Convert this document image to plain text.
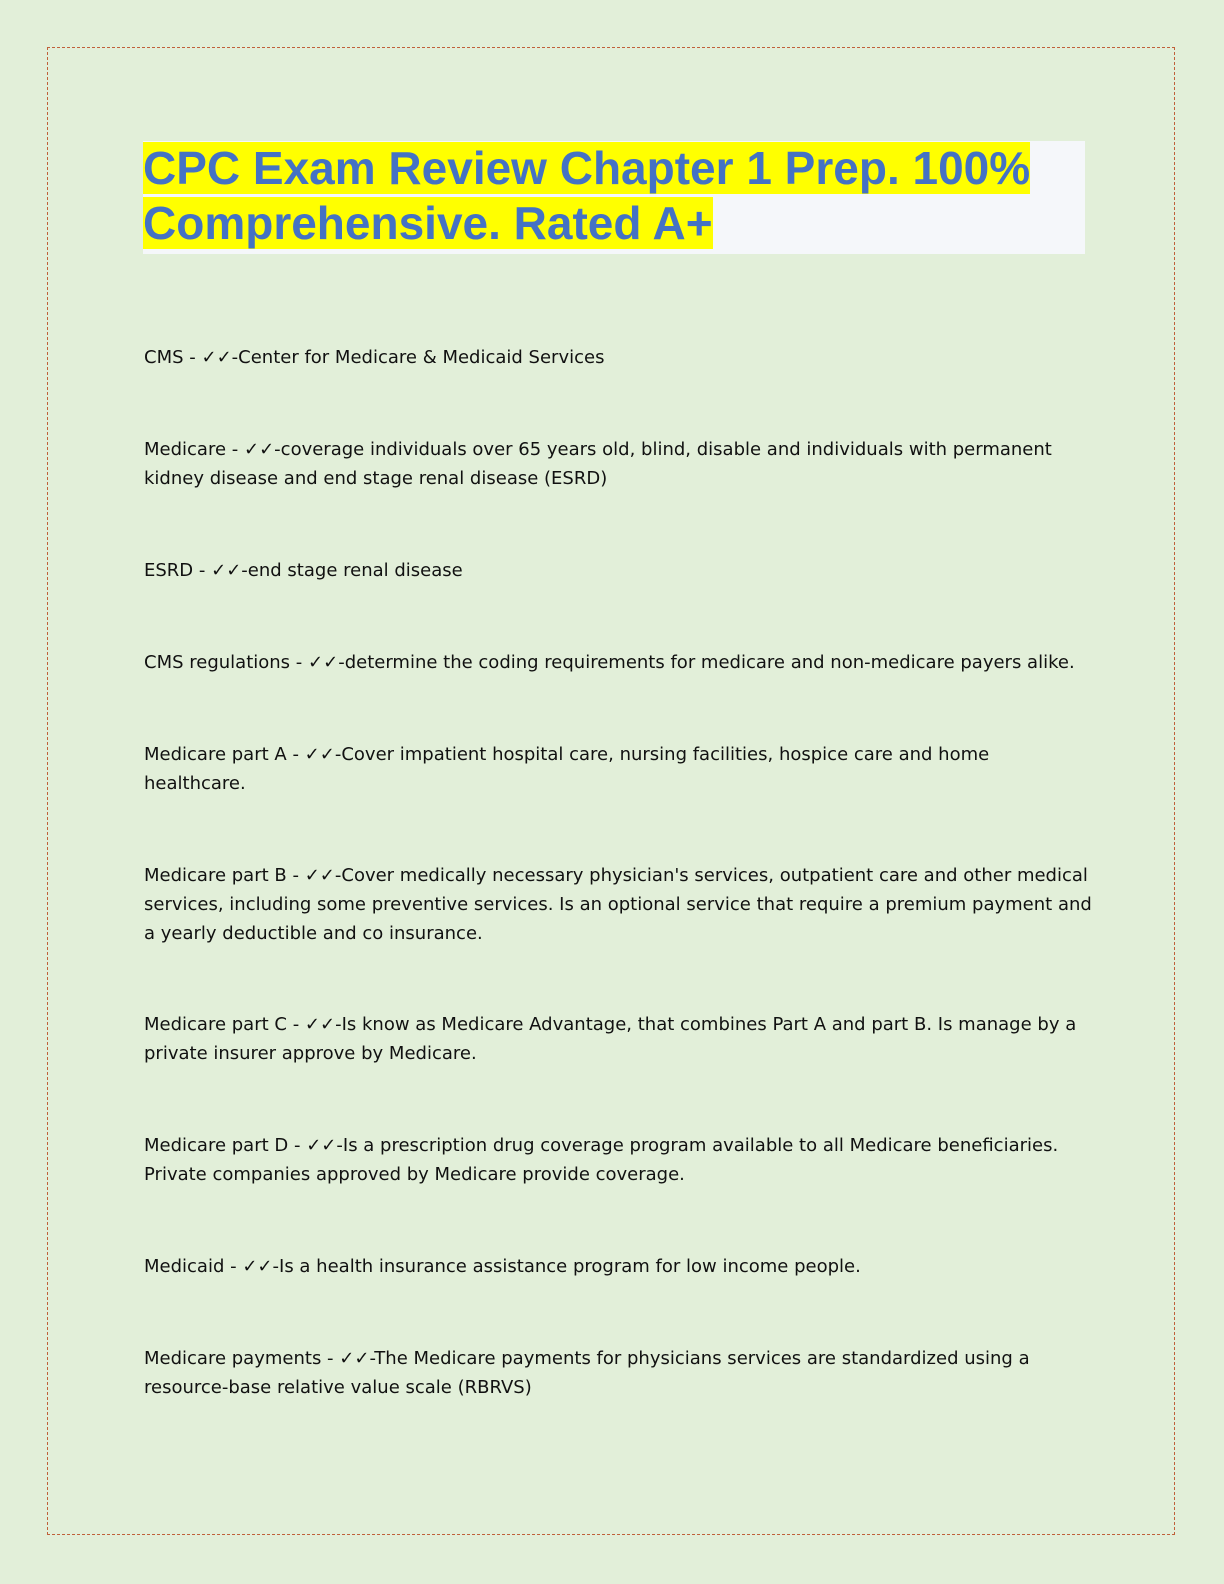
CPC Exam Review Chapter 1 Prep. 100%
Comprehensive. Rated A+

CMS - ✓✓-Center for Medicare & Medicaid Services

Medicare - ✓✓-coverage individuals over 65 years old, blind, disable and individuals with permanent
kidney disease and end stage renal disease (ESRD)

ESRD - ✓✓-end stage renal disease

CMS regulations - ✓✓-determine the coding requirements for medicare and non-medicare payers alike.

Medicare part A - ✓✓-Cover impatient hospital care, nursing facilities, hospice care and home
healthcare.

Medicare part B - ✓✓-Cover medically necessary physician's services, outpatient care and other medical
services, including some preventive services. Is an optional service that require a premium payment and
a yearly deductible and co insurance.

Medicare part C - ✓✓-Is know as Medicare Advantage, that combines Part A and part B. Is manage by a
private insurer approve by Medicare.

Medicare part D - ✓✓-Is a prescription drug coverage program available to all Medicare beneficiaries.
Private companies approved by Medicare provide coverage.

Medicaid - ✓✓-Is a health insurance assistance program for low income people.

Medicare payments - ✓✓-The Medicare payments for physicians services are standardized using a
resource-base relative value scale (RBRVS)
